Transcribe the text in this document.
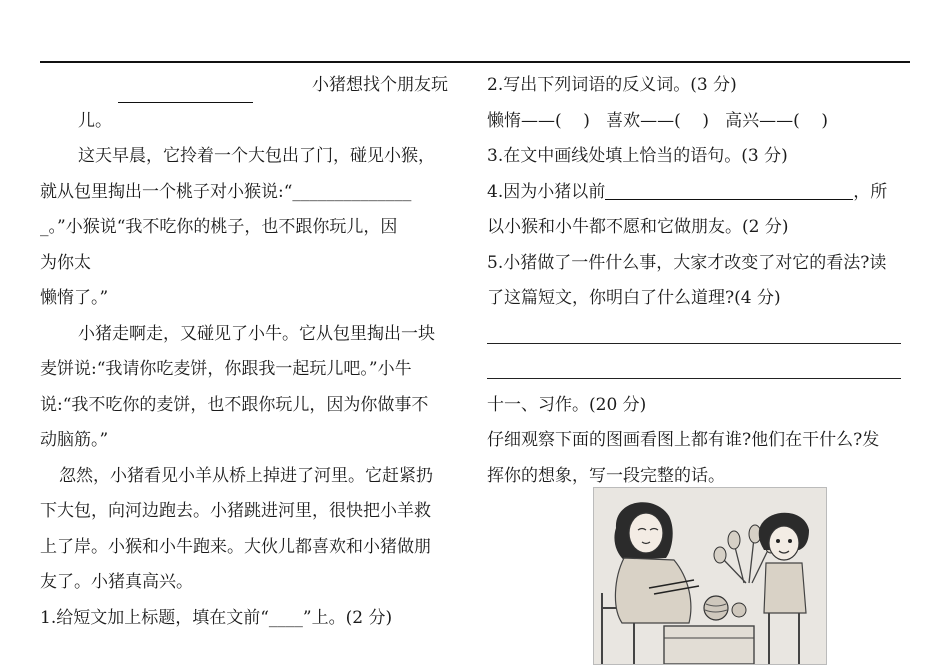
小猪想找个朋友玩
儿。
这天早晨，它拎着一个大包出了门，碰见小猴，
就从包里掏出一个桃子对小猴说:“______________
_。”小猴说“我不吃你的桃子，也不跟你玩儿，因
为你太
懒惰了。”
小猪走啊走，又碰见了小牛。它从包里掏出一块
麦饼说:“我请你吃麦饼，你跟我一起玩儿吧。”小牛
说:“我不吃你的麦饼，也不跟你玩儿，因为你做事不
动脑筋。”
忽然，小猪看见小羊从桥上掉进了河里。它赶紧扔
下大包，向河边跑去。小猪跳进河里，很快把小羊救
上了岸。小猴和小牛跑来。大伙儿都喜欢和小猪做朋
友了。小猪真高兴。
1.给短文加上标题，填在文前“____”上。(2 分)
2.写出下列词语的反义词。(3 分)
懒惰——(    )   喜欢——(    )   高兴——(    )
3.在文中画线处填上恰当的语句。(3 分)
4.因为小猪以前	，所
以小猴和小牛都不愿和它做朋友。(2 分)
5.小猪做了一件什么事，大家才改变了对它的看法?读
了这篇短文，你明白了什么道理?(4 分)
十一、习作。(20 分)
仔细观察下面的图画看图上都有谁?他们在干什么?发
挥你的想象，写一段完整的话。
